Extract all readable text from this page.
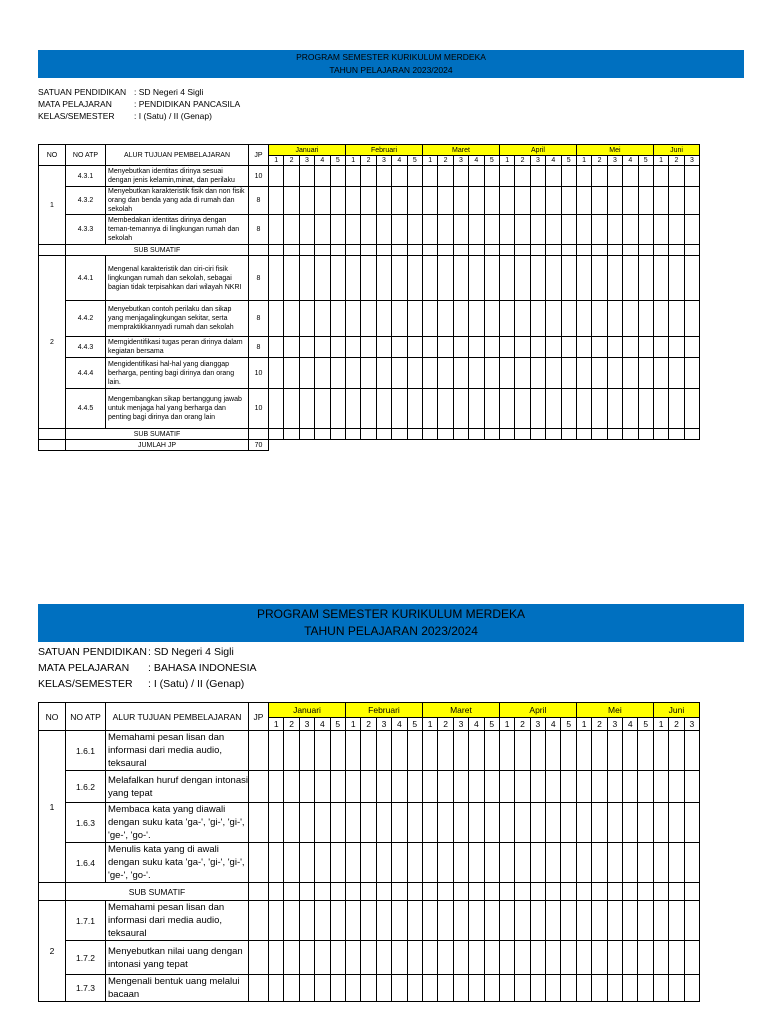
PROGRAM SEMESTER KURIKULUM MERDEKA
TAHUN PELAJARAN 2023/2024
SATUAN PENDIDIKAN : SD Negeri 4 Sigli
MATA PELAJARAN	: PENDIDIKAN PANCASILA
KELAS/SEMESTER	: I (Satu) / II (Genap)
NO	NO ATP	ALUR TUJUAN PEMBELAJARAN	JP	Januari					Februari					Maret					April					Mei					Juni		
				1	2	3	4	5	1	2	3	4	5	1	2	3	4	5	1	2	3	4	5	1	2	3	4	5	1	2	3
1	4.3.1	Menyebutkan identitas dirinya sesuai dengan jenis kelamin,minat, dan perilaku	10																												
	4.3.2	Menyebutkan karakteristik fisik dan non fisik orang dan benda yang ada di rumah dan sekolah	8																												
	4.3.3	Membedakan identitas dirinya dengan teman-temannya di lingkungan rumah dan sekolah	8																												
	SUB SUMATIF																														
2	4.4.1	Mengenal karakteristik dan ciri-ciri fisik lingkungan rumah dan sekolah, sebagai bagian tidak terpisahkan dari wilayah NKRI	8																												
	4.4.2	Menyebutkan contoh perilaku dan sikap yang menjagalingkungan sekitar, serta mempraktikkannyadi rumah dan sekolah	8																												
	4.4.3	Memgidentifikasi tugas peran dirinya dalam kegiatan bersama	8																												
	4.4.4	Mengidentifikasi hal-hal yang dianggap berharga, penting bagi dirinya dan orang lain.	10																												
	4.4.5	Mengembangkan sikap bertanggung jawab untuk menjaga hal yang berharga dan penting bagi dirinya dan orang lain	10																												
	SUB SUMATIF																														
	JUMLAH JP		70																												
PROGRAM SEMESTER KURIKULUM MERDEKA
TAHUN PELAJARAN 2023/2024
SATUAN PENDIDIKAN : SD Negeri 4 Sigli
MATA PELAJARAN	: BAHASA INDONESIA
KELAS/SEMESTER	: I (Satu) / II (Genap)
NO	NO ATP	ALUR TUJUAN PEMBELAJARAN	JP	Januari					Februari					Maret					April					Mei					Juni		
				1	2	3	4	5	1	2	3	4	5	1	2	3	4	5	1	2	3	4	5	1	2	3	4	5	1	2	3
1	1.6.1	Memahami pesan lisan dan informasi dari media audio, teksaural																													
	1.6.2	Melafalkan huruf dengan intonasi yang tepat																													
	1.6.3	Membaca kata yang diawali dengan suku kata 'ga-', 'gi-', 'gi-', 'ge-', 'go-'.																													
	1.6.4	Menulis kata yang di awali dengan suku kata 'ga-', 'gi-', 'gi-', 'ge-', 'go-'.																													
	SUB SUMATIF																														
2	1.7.1	Memahami pesan lisan dan informasi dari media audio, teksaural																													
	1.7.2	Menyebutkan nilai uang dengan intonasi yang tepat																													
	1.7.3	Mengenali bentuk uang melalui bacaan																													
